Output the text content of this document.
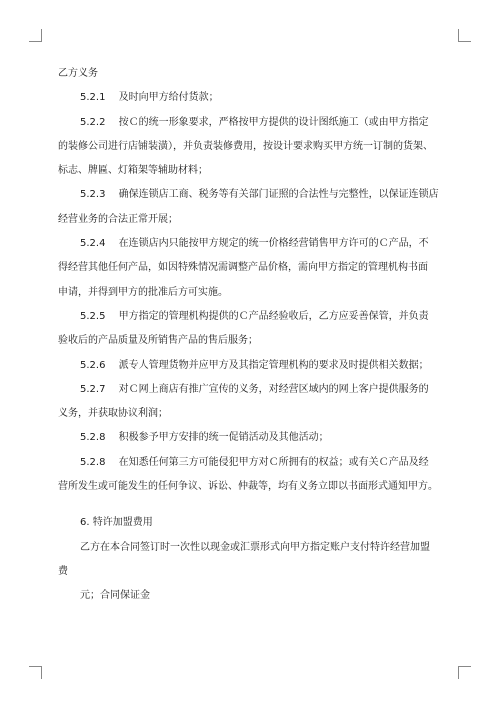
乙方义务
5.2.1　 及时向甲方给付货款；
5.2.2　 按Ｃ的统一形象要求，严格按甲方提供的设计图纸施工（或由甲方指定
的装修公司进行店铺装潢），并负责装修费用，按设计要求购买甲方统一订制的货架、
标志、牌匾、灯箱架等辅助材料；
5.2.3　 确保连锁店工商、税务等有关部门证照的合法性与完整性，以保证连锁店
经营业务的合法正常开展；
5.2.4　 在连锁店内只能按甲方规定的统一价格经营销售甲方许可的Ｃ产品，不
得经营其他任何产品，如因特殊情况需调整产品价格，需向甲方指定的管理机构书面
申请，并得到甲方的批准后方可实施。
5.2.5　 甲方指定的管理机构提供的Ｃ产品经验收后，乙方应妥善保管，并负责
验收后的产品质量及所销售产品的售后服务；
5.2.6　 派专人管理货物并应甲方及其指定管理机构的要求及时提供相关数据；
5.2.7　 对Ｃ网上商店有推广宣传的义务，对经营区域内的网上客户提供服务的
义务，并获取协议利润；
5.2.8　 积极参予甲方安排的统一促销活动及其他活动；
5.2.8　 在知悉任何第三方可能侵犯甲方对Ｃ所拥有的权益；或有关Ｃ产品及经
营所发生或可能发生的任何争议、诉讼、仲裁等，均有义务立即以书面形式通知甲方。
6. 特许加盟费用
乙方在本合同签订时一次性以现金或汇票形式向甲方指定账户支付特许经营加盟
费
元；合同保证金
